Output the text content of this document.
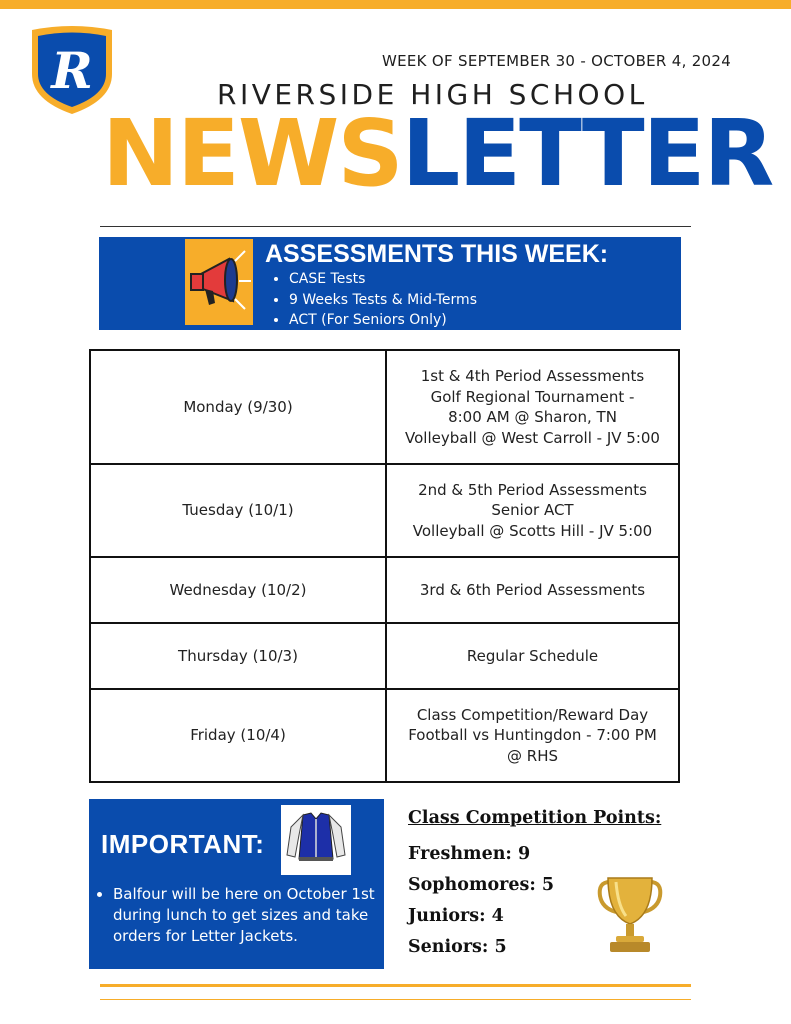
R	WEEK OF SEPTEMBER 30 - OCTOBER 4, 2024
RIVERSIDE HIGH SCHOOL
NEWSLETTER
ASSESSMENTS THIS WEEK:
• CASE Tests
• 9 Weeks Tests & Mid-Terms
• ACT (For Seniors Only)
Monday (9/30)	1st & 4th Period Assessments
Golf Regional Tournament -
8:00 AM @ Sharon, TN
Volleyball @ West Carroll - JV 5:00

Tuesday (10/1)	2nd & 5th Period Assessments
Senior ACT
Volleyball @ Scotts Hill - JV 5:00

Wednesday (10/2)	3rd & 6th Period Assessments

Thursday (10/3)	Regular Schedule

Friday (10/4)	Class Competition/Reward Day
Football vs Huntingdon - 7:00 PM
@ RHS
IMPORTANT:
• Balfour will be here on October 1st during lunch to get sizes and take orders for Letter Jackets.
Class Competition Points:
Freshmen: 9
Sophomores: 5
Juniors: 4
Seniors: 5
